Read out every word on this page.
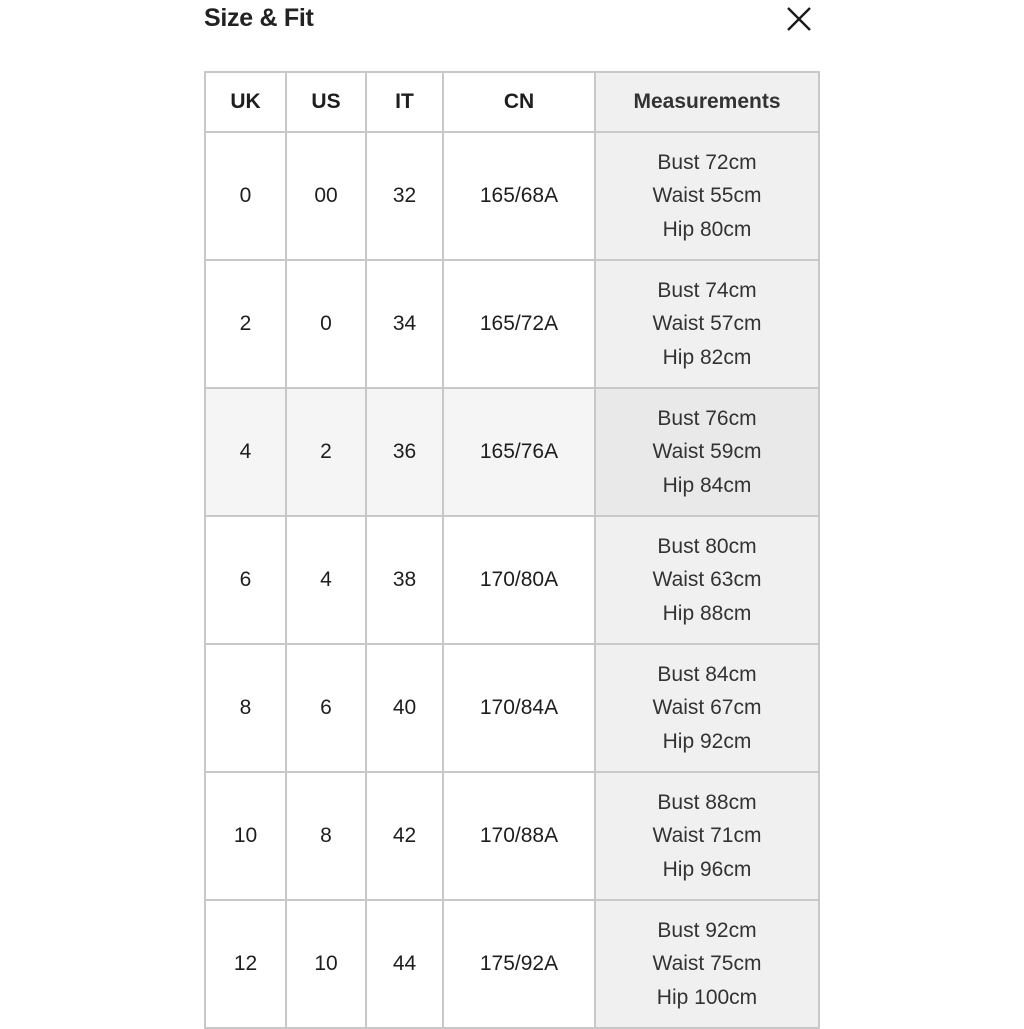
Size & Fit
UK	US	IT	CN	Measurements
0	00	32	165/68A	Bust 72cm
Waist 55cm
Hip 80cm

2	0	34	165/72A	Bust 74cm
Waist 57cm
Hip 82cm

4	2	36	165/76A	Bust 76cm
Waist 59cm
Hip 84cm

6	4	38	170/80A	Bust 80cm
Waist 63cm
Hip 88cm

8	6	40	170/84A	Bust 84cm
Waist 67cm
Hip 92cm

10	8	42	170/88A	Bust 88cm
Waist 71cm
Hip 96cm

12	10	44	175/92A	Bust 92cm
Waist 75cm
Hip 100cm
